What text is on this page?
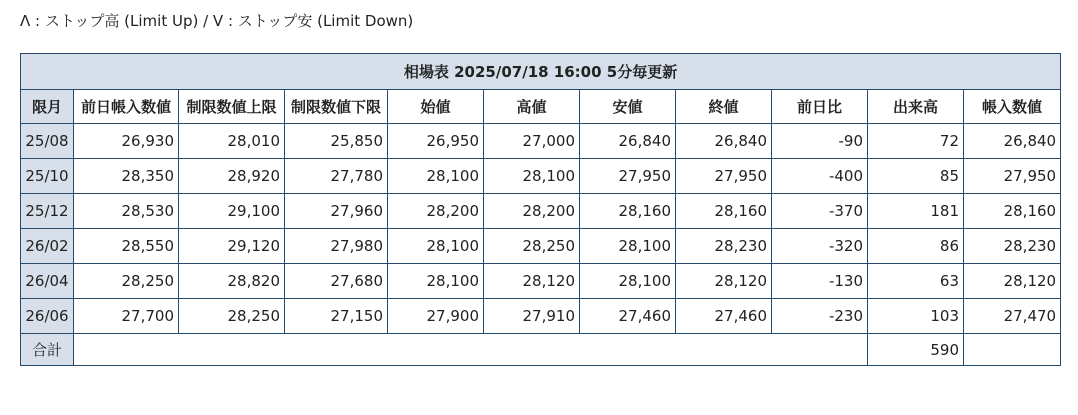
Λ : ストップ高 (Limit Up) / V : ストップ安 (Limit Down)
相場表 2025/07/18 16:00 5分毎更新										
限月	前日帳入数値	制限数値上限	制限数値下限	始値	高値	安値	終値	前日比	出来高	帳入数値
25/08	26,930	28,010	25,850	26,950	27,000	26,840	26,840	-90	72	26,840
25/10	28,350	28,920	27,780	28,100	28,100	27,950	27,950	-400	85	27,950
25/12	28,530	29,100	27,960	28,200	28,200	28,160	28,160	-370	181	28,160
26/02	28,550	29,120	27,980	28,100	28,250	28,100	28,230	-320	86	28,230
26/04	28,250	28,820	27,680	28,100	28,120	28,100	28,120	-130	63	28,120
26/06	27,700	28,250	27,150	27,900	27,910	27,460	27,460	-230	103	27,470
合計									590	
